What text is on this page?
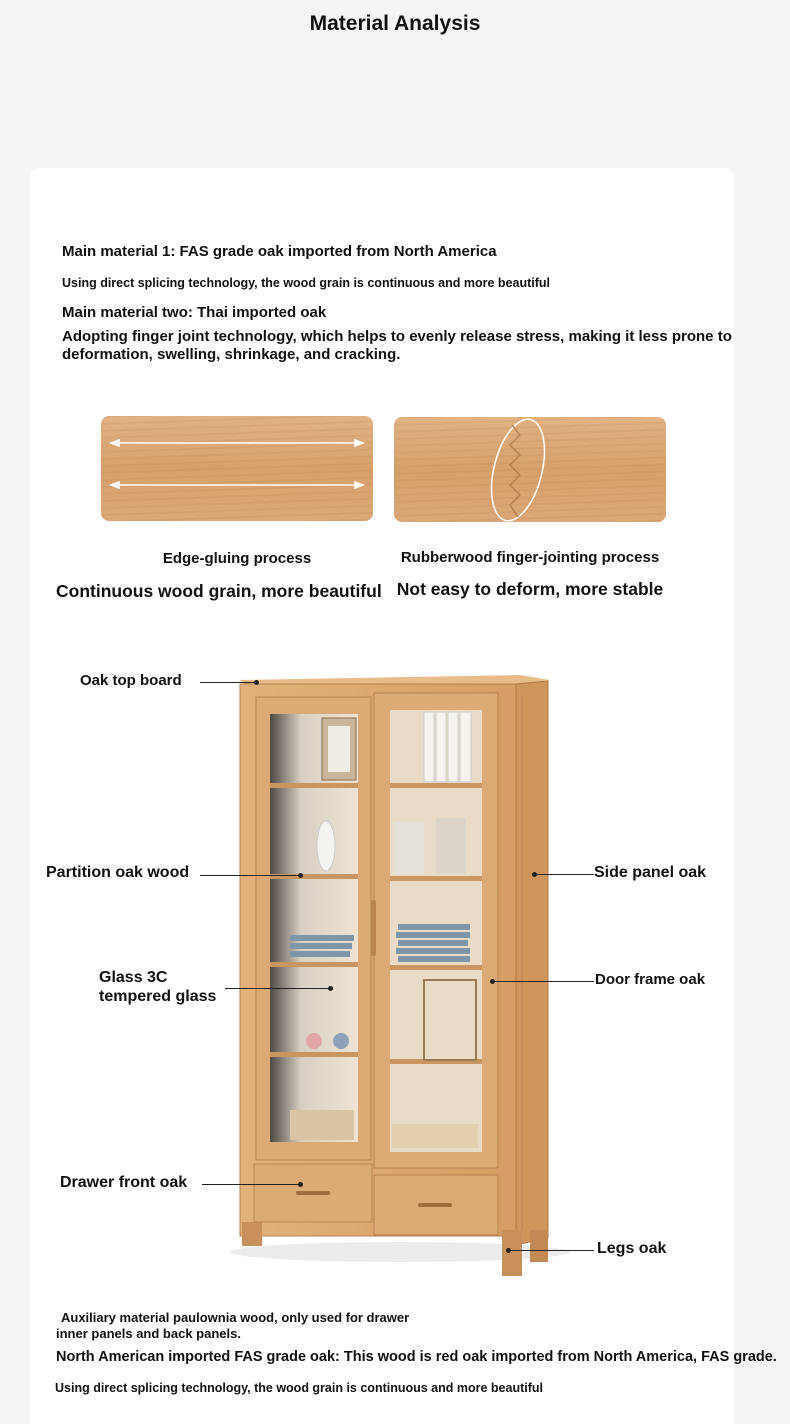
Material Analysis
Main material 1: FAS grade oak imported from North America
Using direct splicing technology, the wood grain is continuous and more beautiful
Main material two: Thai imported oak
Adopting finger joint technology, which helps to evenly release stress, making it less prone to
deformation, swelling, shrinkage, and cracking.
Edge-gluing process	Rubberwood finger-jointing process
Continuous wood grain, more beautiful Not easy to deform, more stable
Oak top board
Partition oak wood
Glass 3C
tempered glass
Drawer front oak
Side panel oak
Door frame oak
Legs oak
Auxiliary material paulownia wood, only used for drawer
inner panels and back panels.
North American imported FAS grade oak: This wood is red oak imported from North America, FAS grade.
Using direct splicing technology, the wood grain is continuous and more beautiful
